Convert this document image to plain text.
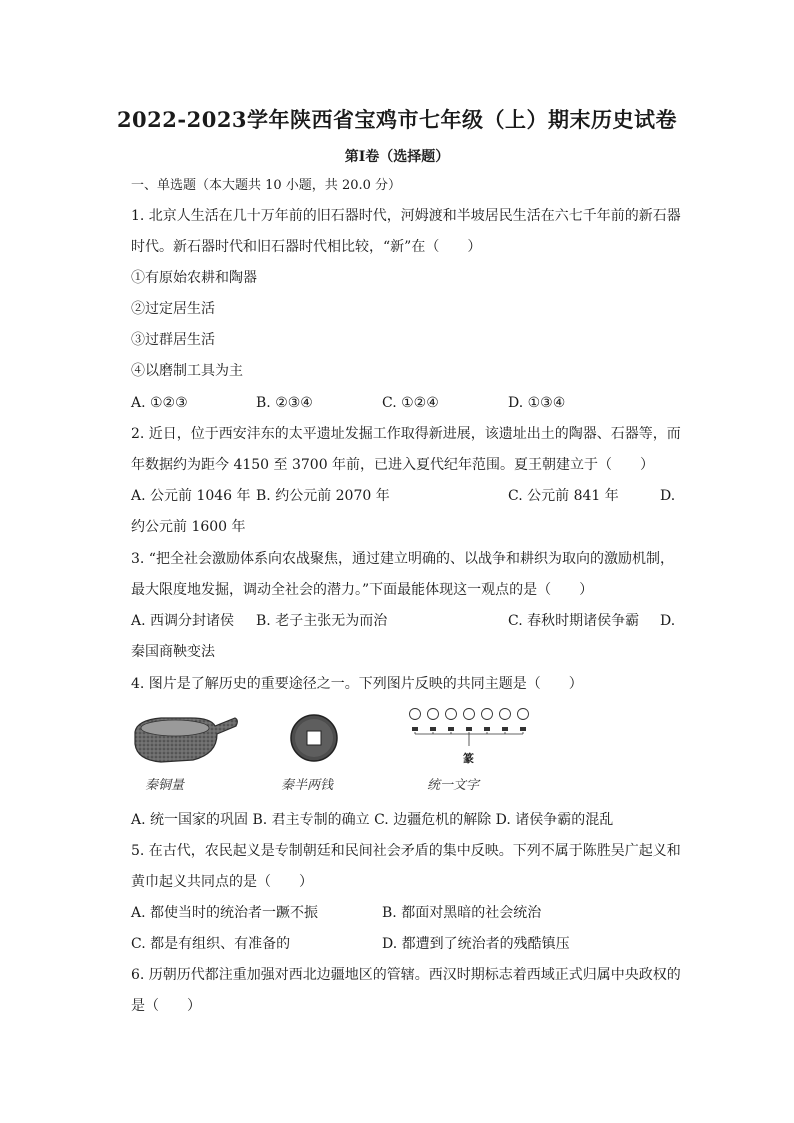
2022-2023学年陕西省宝鸡市七年级（上）期末历史试卷
第Ⅰ卷（选择题）
一、单选题（本大题共 10 小题，共 20.0 分）
1. 北京人生活在几十万年前的旧石器时代，河姆渡和半坡居民生活在六七千年前的新石器
时代。新石器时代和旧石器时代相比较，“新”在（　　）
①有原始农耕和陶器
②过定居生活
③过群居生活
④以磨制工具为主
A. ①②③	B. ②③④	C. ①②④	D. ①③④
2. 近日，位于西安沣东的太平遗址发掘工作取得新进展，该遗址出土的陶器、石器等，而
年数据约为距今 4150 至 3700 年前，已进入夏代纪年范围。夏王朝建立于（　　）
A. 公元前 1046 年 B. 约公元前 2070 年	C. 公元前 841 年	D.
约公元前 1600 年
3. “把全社会激励体系向农战聚焦，通过建立明确的、以战争和耕织为取向的激励机制，
最大限度地发掘，调动全社会的潜力。”下面最能体现这一观点的是（　　）
A. 西调分封诸侯 B. 老子主张无为而治	C. 春秋时期诸侯争霸 D.
秦国商鞅变法
4. 图片是了解历史的重要途径之一。下列图片反映的共同主题是（　　）
秦铜量	秦半两钱
篆
统一文字
A. 统一国家的巩固 B. 君主专制的确立 C. 边疆危机的解除 D. 诸侯争霸的混乱
5. 在古代，农民起义是专制朝廷和民间社会矛盾的集中反映。下列不属于陈胜吴广起义和
黄巾起义共同点的是（　　）
A. 都使当时的统治者一蹶不振	B. 都面对黑暗的社会统治
C. 都是有组织、有准备的	D. 都遭到了统治者的残酷镇压
6. 历朝历代都注重加强对西北边疆地区的管辖。西汉时期标志着西域正式归属中央政权的
是（　　）
